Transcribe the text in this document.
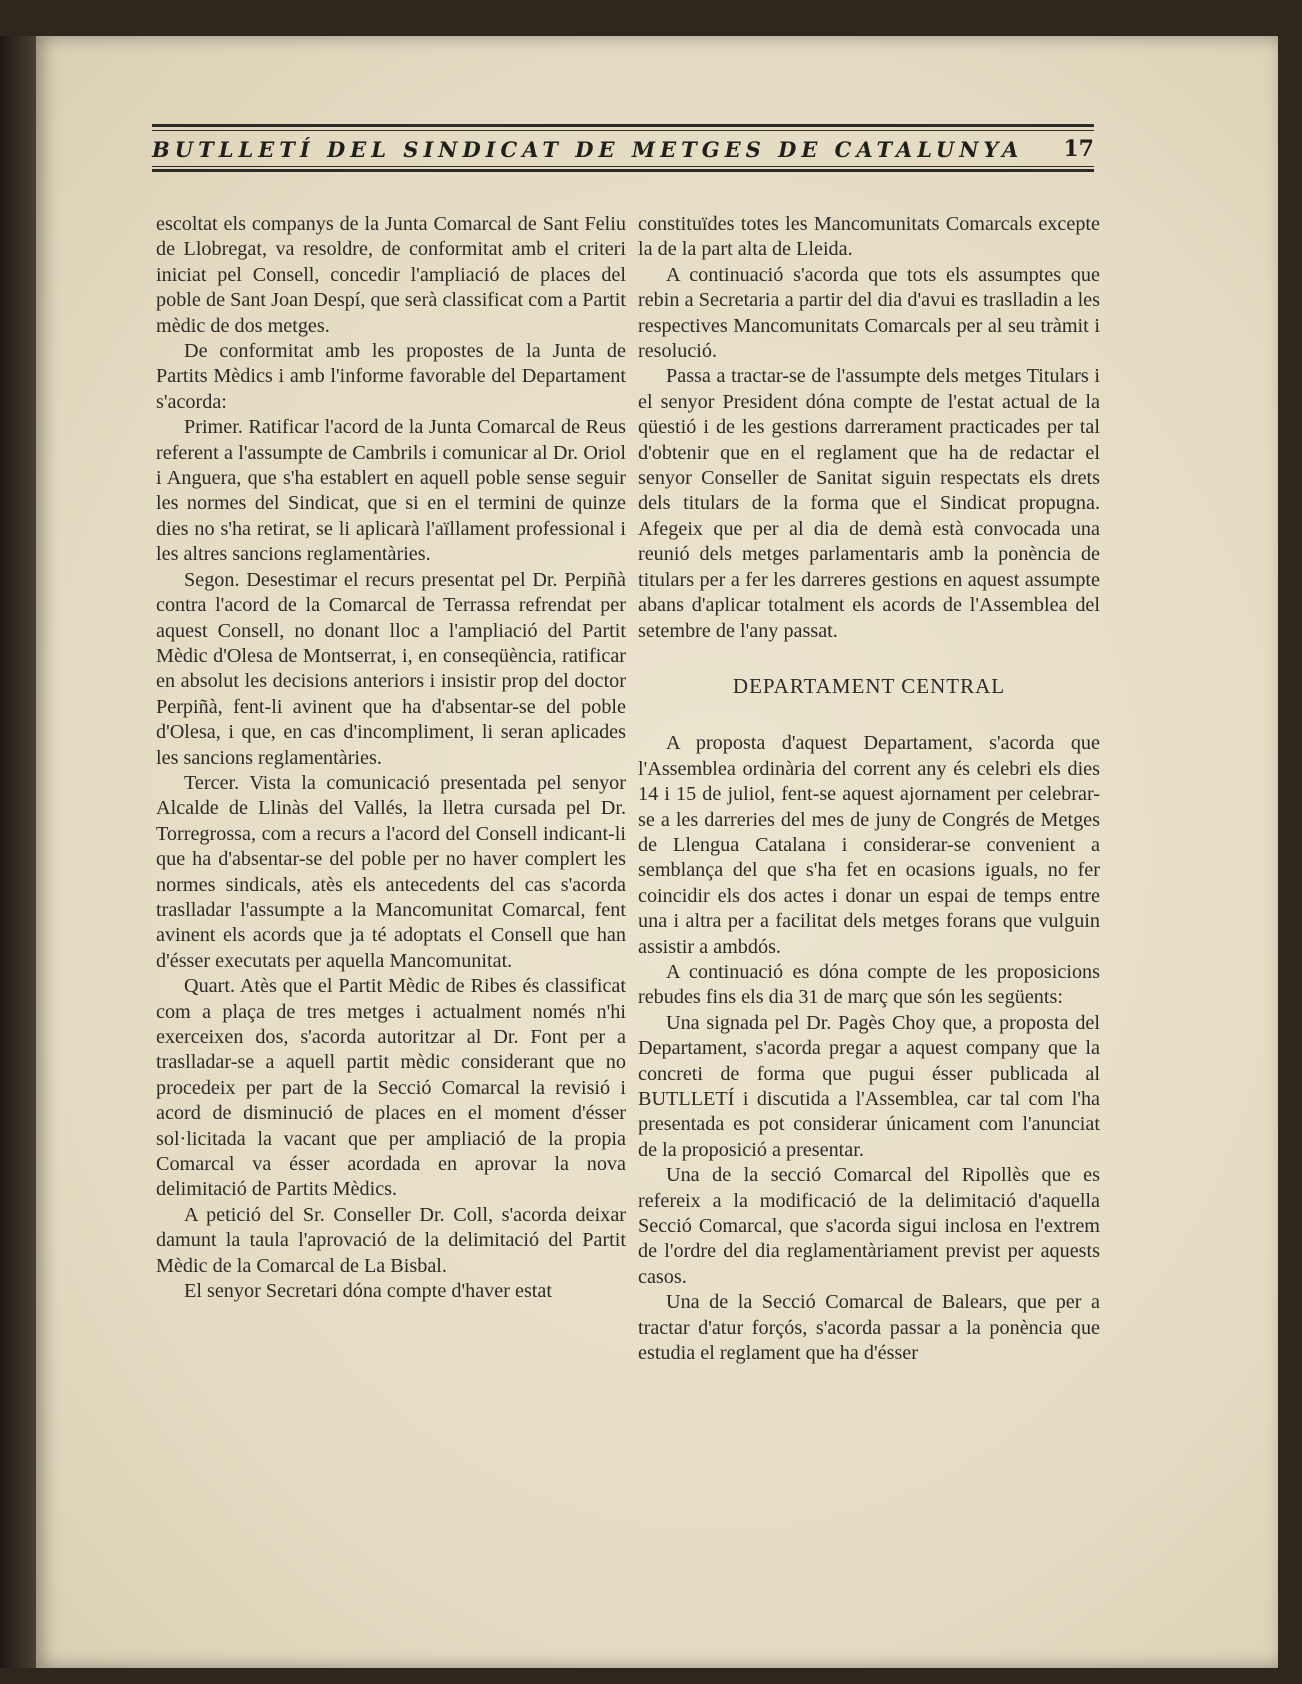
BUTLLETÍ DEL SINDICAT DE METGES DE CATALUNYA 17

escoltat els companys de la Junta Comarcal de Sant Feliu de Llobregat, va resoldre, de conformitat amb el criteri iniciat pel Consell, concedir l'ampliació de places del poble de Sant Joan Despí, que serà classificat com a Partit mèdic de dos metges.

De conformitat amb les propostes de la Junta de Partits Mèdics i amb l'informe favorable del Departament s'acorda:

Primer. Ratificar l'acord de la Junta Comarcal de Reus referent a l'assumpte de Cambrils i comunicar al Dr. Oriol i Anguera, que s'ha establert en aquell poble sense seguir les normes del Sindicat, que si en el termini de quinze dies no s'ha retirat, se li aplicarà l'aïllament professional i les altres sancions reglamentàries.

Segon. Desestimar el recurs presentat pel Dr. Perpiñà contra l'acord de la Comarcal de Terrassa refrendat per aquest Consell, no donant lloc a l'ampliació del Partit Mèdic d'Olesa de Montserrat, i, en conseqüència, ratificar en absolut les decisions anteriors i insistir prop del doctor Perpiñà, fent-li avinent que ha d'absentar-se del poble d'Olesa, i que, en cas d'incompliment, li seran aplicades les sancions reglamentàries.

Tercer. Vista la comunicació presentada pel senyor Alcalde de Llinàs del Vallés, la lletra cursada pel Dr. Torregrossa, com a recurs a l'acord del Consell indicant-li que ha d'absentar-se del poble per no haver complert les normes sindicals, atès els antecedents del cas s'acorda traslladar l'assumpte a la Mancomunitat Comarcal, fent avinent els acords que ja té adoptats el Consell que han d'ésser executats per aquella Mancomunitat.

Quart. Atès que el Partit Mèdic de Ribes és classificat com a plaça de tres metges i actualment només n'hi exerceixen dos, s'acorda autoritzar al Dr. Font per a traslladar-se a aquell partit mèdic considerant que no procedeix per part de la Secció Comarcal la revisió i acord de disminució de places en el moment d'ésser sol·licitada la vacant que per ampliació de la propia Comarcal va ésser acordada en aprovar la nova delimitació de Partits Mèdics.

A petició del Sr. Conseller Dr. Coll, s'acorda deixar damunt la taula l'aprovació de la delimitació del Partit Mèdic de la Comarcal de La Bisbal.

El senyor Secretari dóna compte d'haver estat

constituïdes totes les Mancomunitats Comarcals excepte la de la part alta de Lleida.

A continuació s'acorda que tots els assumptes que rebin a Secretaria a partir del dia d'avui es traslladin a les respectives Mancomunitats Comarcals per al seu tràmit i resolució.

Passa a tractar-se de l'assumpte dels metges Titulars i el senyor President dóna compte de l'estat actual de la qüestió i de les gestions darrerament practicades per tal d'obtenir que en el reglament que ha de redactar el senyor Conseller de Sanitat siguin respectats els drets dels titulars de la forma que el Sindicat propugna. Afegeix que per al dia de demà està convocada una reunió dels metges parlamentaris amb la ponència de titulars per a fer les darreres gestions en aquest assumpte abans d'aplicar totalment els acords de l'Assemblea del setembre de l'any passat.

DEPARTAMENT CENTRAL

A proposta d'aquest Departament, s'acorda que l'Assemblea ordinària del corrent any és celebri els dies 14 i 15 de juliol, fent-se aquest ajornament per celebrar-se a les darreries del mes de juny de Congrés de Metges de Llengua Catalana i considerar-se convenient a semblança del que s'ha fet en ocasions iguals, no fer coincidir els dos actes i donar un espai de temps entre una i altra per a facilitat dels metges forans que vulguin assistir a ambdós.

A continuació es dóna compte de les proposicions rebudes fins els dia 31 de març que són les següents:

Una signada pel Dr. Pagès Choy que, a proposta del Departament, s'acorda pregar a aquest company que la concreti de forma que pugui ésser publicada al BUTLLETÍ i discutida a l'Assemblea, car tal com l'ha presentada es pot considerar únicament com l'anunciat de la proposició a presentar.

Una de la secció Comarcal del Ripollès que es refereix a la modificació de la delimitació d'aquella Secció Comarcal, que s'acorda sigui inclosa en l'extrem de l'ordre del dia reglamentàriament previst per aquests casos.

Una de la Secció Comarcal de Balears, que per a tractar d'atur forçós, s'acorda passar a la ponència que estudia el reglament que ha d'ésser
